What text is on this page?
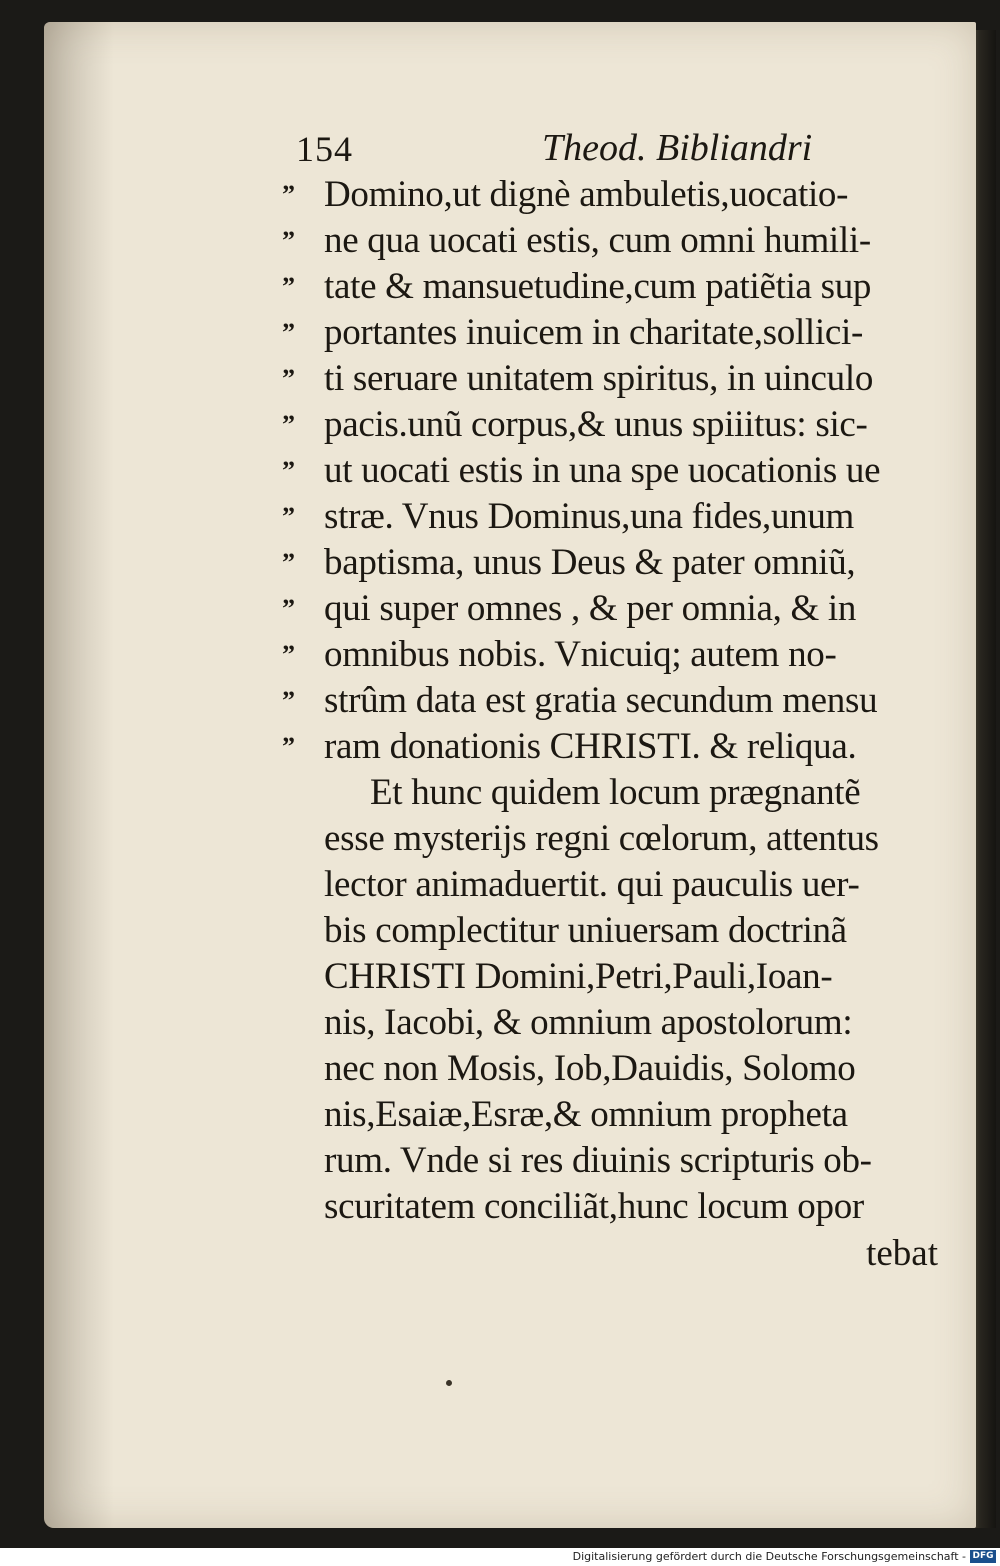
154	Theod. Bibliandri
” Domino,ut dignè ambuletis,uocatio-
” ne qua uocati estis, cum omni humili-
” tate & mansuetudine,cum patiẽtia sup
” portantes inuicem in charitate,sollici-
” ti seruare unitatem spiritus, in uinculo
” pacis.unũ corpus,& unus spiiitus: sic-
” ut uocati estis in una spe uocationis ue
” stræ. Vnus Dominus,una fides,unum
” baptisma, unus Deus & pater omniũ,
” qui super omnes , & per omnia, & in
” omnibus nobis. Vnicuiq; autem no-
” strûm data est gratia secundum mensu
” ram donationis CHRISTI. & reliqua.
Et hunc quidem locum prægnantẽ
esse mysterijs regni cœlorum, attentus
lector animaduertit. qui pauculis uer-
bis complectitur uniuersam doctrinã
CHRISTI Domini,Petri,Pauli,Ioan-
nis, Iacobi, & omnium apostolorum:
nec non Mosis, Iob,Dauidis, Solomo
nis,Esaiæ,Esræ,& omnium propheta
rum. Vnde si res diuinis scripturis ob-
scuritatem conciliãt,hunc locum opor
tebat
Digitalisierung gefördert durch die Deutsche Forschungsgemeinschaft - DFG
